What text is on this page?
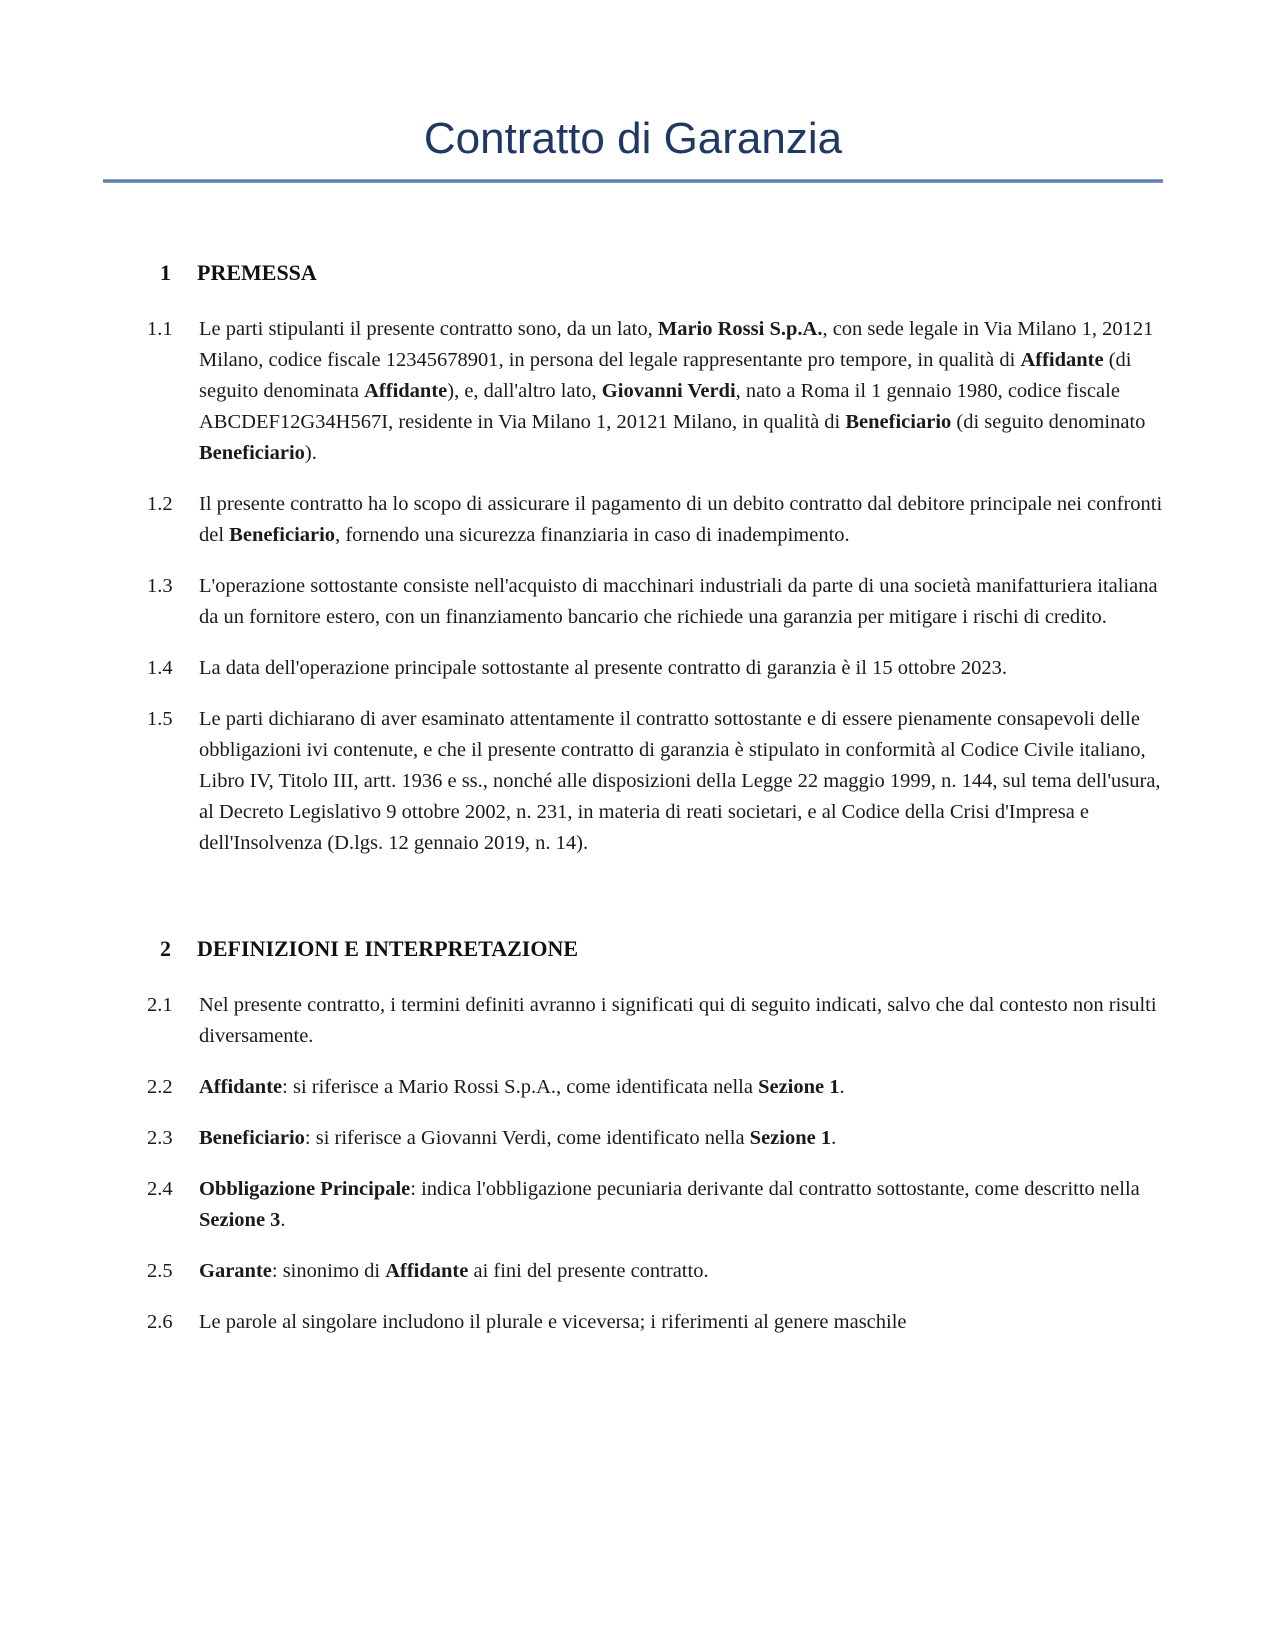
Contratto di Garanzia
1	PREMESSA
1.1	Le parti stipulanti il presente contratto sono, da un lato, Mario Rossi S.p.A., con sede legale in Via Milano 1, 20121 Milano, codice fiscale 12345678901, in persona del legale rappresentante pro tempore, in qualità di Affidante (di seguito denominata Affidante), e, dall'altro lato, Giovanni Verdi, nato a Roma il 1 gennaio 1980, codice fiscale ABCDEF12G34H567I, residente in Via Milano 1, 20121 Milano, in qualità di Beneficiario (di seguito denominato Beneficiario).

1.2	Il presente contratto ha lo scopo di assicurare il pagamento di un debito contratto dal debitore principale nei confronti del Beneficiario, fornendo una sicurezza finanziaria in caso di inadempimento.

1.3	L'operazione sottostante consiste nell'acquisto di macchinari industriali da parte di una società manifatturiera italiana da un fornitore estero, con un finanziamento bancario che richiede una garanzia per mitigare i rischi di credito.

1.4	La data dell'operazione principale sottostante al presente contratto di garanzia è il 15 ottobre 2023.

1.5	Le parti dichiarano di aver esaminato attentamente il contratto sottostante e di essere pienamente consapevoli delle obbligazioni ivi contenute, e che il presente contratto di garanzia è stipulato in conformità al Codice Civile italiano, Libro IV, Titolo III, artt. 1936 e ss., nonché alle disposizioni della Legge 22 maggio 1999, n. 144, sul tema dell'usura, al Decreto Legislativo 9 ottobre 2002, n. 231, in materia di reati societari, e al Codice della Crisi d'Impresa e dell'Insolvenza (D.lgs. 12 gennaio 2019, n. 14).

2	DEFINIZIONI E INTERPRETAZIONE
2.1	Nel presente contratto, i termini definiti avranno i significati qui di seguito indicati, salvo che dal contesto non risulti diversamente.

2.2	Affidante: si riferisce a Mario Rossi S.p.A., come identificata nella Sezione 1.

2.3	Beneficiario: si riferisce a Giovanni Verdi, come identificato nella Sezione 1.

2.4	Obbligazione Principale: indica l'obbligazione pecuniaria derivante dal contratto sottostante, come descritto nella Sezione 3.

2.5	Garante: sinonimo di Affidante ai fini del presente contratto.

2.6	Le parole al singolare includono il plurale e viceversa; i riferimenti al genere maschile
